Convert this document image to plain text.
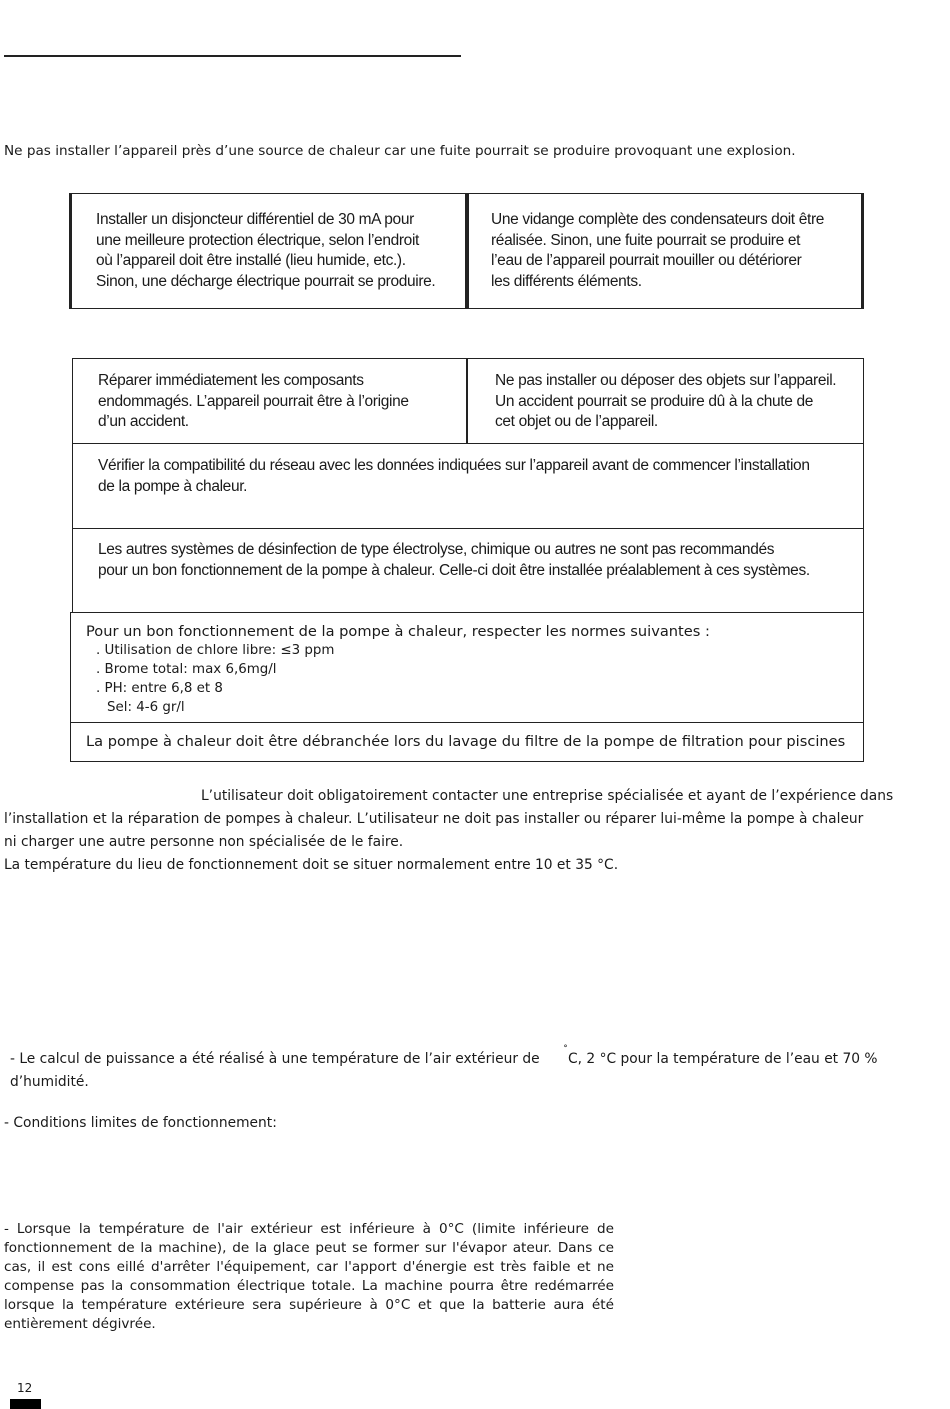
Ne pas installer l’appareil près d’une source de chaleur car une fuite pourrait se produire provoquant une explosion.
Installer un disjoncteur différentiel de 30 mA pour
une meilleure protection électrique, selon l’endroit
où l’appareil doit être installé (lieu humide, etc.).
Sinon, une décharge électrique pourrait se produire.
Une vidange complète des condensateurs doit être
réalisée. Sinon, une fuite pourrait se produire et
l’eau de l’appareil pourrait mouiller ou détériorer
les différents éléments.
Réparer immédiatement les composants
endommagés. L’appareil pourrait être à l’origine
d’un accident.
Ne pas installer ou déposer des objets sur l’appareil.
Un accident pourrait se produire dû à la chute de
cet objet ou de l’appareil.
Vérifier la compatibilité du réseau avec les données indiquées sur l’appareil avant de commencer l’installation
de la pompe à chaleur.
Les autres systèmes de désinfection de type électrolyse, chimique ou autres ne sont pas recommandés
pour un bon fonctionnement de la pompe à chaleur. Celle-ci doit être installée préalablement à ces systèmes.
Pour un bon fonctionnement de la pompe à chaleur, respecter les normes suivantes :
. Utilisation de chlore libre: ≤3 ppm
. Brome total: max 6,6mg/l
. PH: entre 6,8 et 8
Sel: 4-6 gr/l
La pompe à chaleur doit être débranchée lors du lavage du filtre de la pompe de filtration pour piscines
L’utilisateur doit obligatoirement contacter une entreprise spécialisée et ayant de l’expérience dans
l’installation et la réparation de pompes à chaleur. L’utilisateur ne doit pas installer ou réparer lui-même la pompe à chaleur
ni charger une autre personne non spécialisée de le faire.
La température du lieu de fonctionnement doit se situer normalement entre 10 et 35 °C.
- Le calcul de puissance a été réalisé à une température de l’air extérieur de
˚
C, 2 °C pour la température de l’eau et 70 %
d’humidité.
- Conditions limites de fonctionnement:
- Lorsque la température de l'air extérieur est inférieure à 0°C (limite inférieure de fonctionnement de la machine), de la glace peut se former sur l'évapor ateur. Dans ce cas, il est cons eillé d'arrêter l'équipement, car l'apport d'énergie est très faible et ne compense pas la consommation électrique totale. La machine pourra être redémarrée lorsque la température extérieure sera supérieure à 0°C et que la batterie aura été entièrement dégivrée.
12
